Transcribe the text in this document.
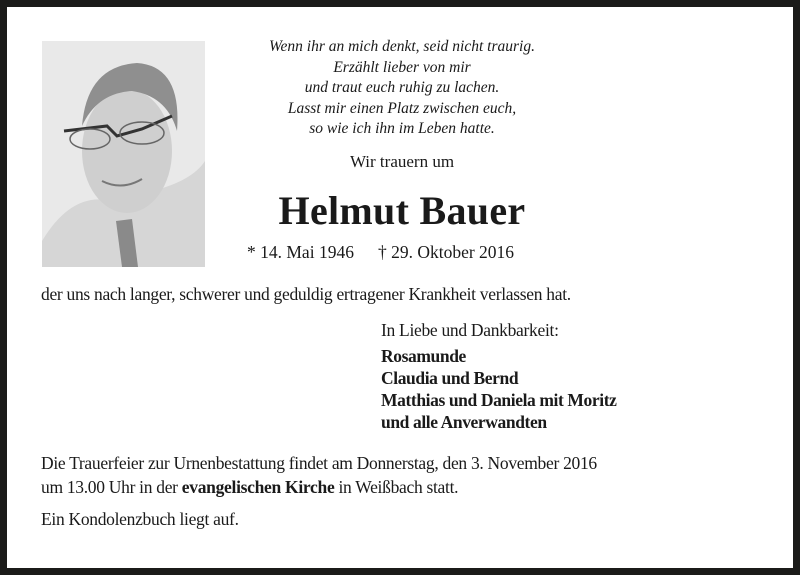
Wenn ihr an mich denkt, seid nicht traurig.
Erzählt lieber von mir
und traut euch ruhig zu lachen.
Lasst mir einen Platz zwischen euch,
so wie ich ihn im Leben hatte.
Wir trauern um
Helmut Bauer
* 14. Mai 1946 † 29. Oktober 2016
der uns nach langer, schwerer und geduldig ertragener Krankheit verlassen hat.
In Liebe und Dankbarkeit:
Rosamunde
Claudia und Bernd
Matthias und Daniela mit Moritz
und alle Anverwandten
Die Trauerfeier zur Urnenbestattung findet am Donnerstag, den 3. November 2016
um 13.00 Uhr in der evangelischen Kirche in Weißbach statt.
Ein Kondolenzbuch liegt auf.
